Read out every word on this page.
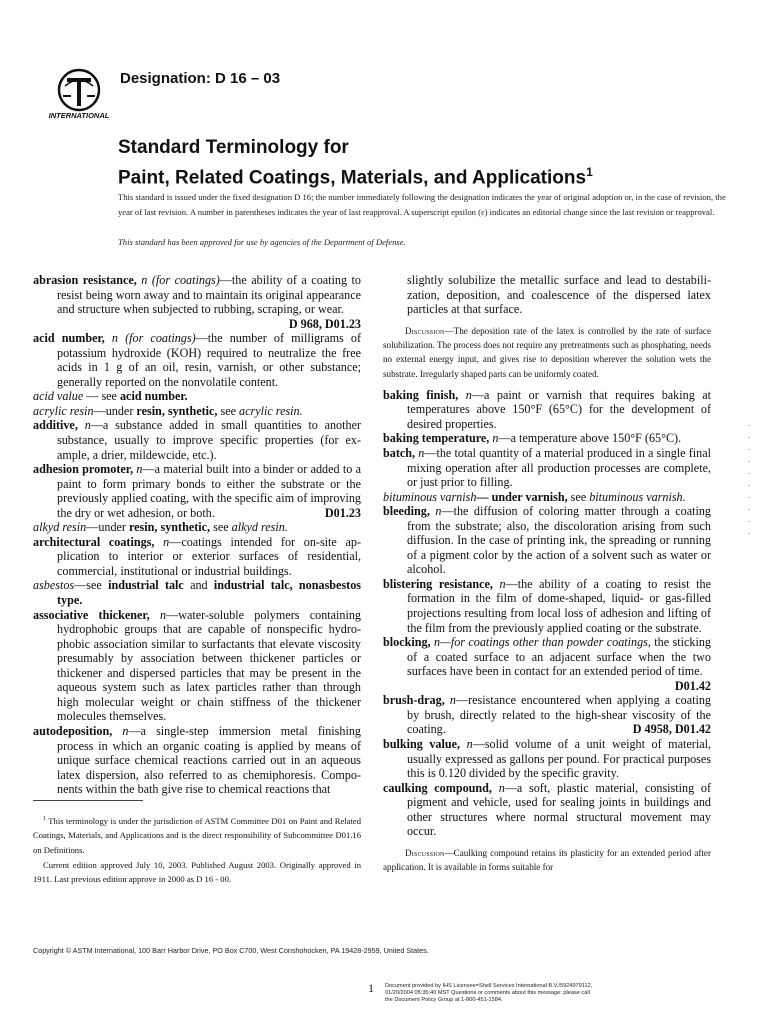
INTERNATIONAL
Designation: D 16 – 03
Standard Terminology for
Paint, Related Coatings, Materials, and Applications$^1$
This standard is issued under the fixed designation D 16; the number immediately following the designation indicates the year of original adoption or, in the case of revision, the year of last revision. A number in parentheses indicates the year of last reapproval. A superscript epsilon (ε) indicates an editorial change since the last revision or reapproval.
This standard has been approved for use by agencies of the Department of Defense.

abrasion resistance, n (for coatings)—the ability of a coating to resist being worn away and to maintain its original appearance and structure when subjected to rubbing, scraping, or wear.
D 968, D01.23

acid number, n (for coatings)—the number of milligrams of potassium hydroxide (KOH) required to neutralize the free acids in 1 g of an oil, resin, varnish, or other substance; generally reported on the nonvolatile content.

acid value — see acid number.

acrylic resin—under resin, synthetic, see acrylic resin.

additive, n—a substance added in small quantities to another substance, usually to improve specific properties (for example, a drier, mildewcide, etc.).

adhesion promoter, n—a material built into a binder or added to a paint to form primary bonds to either the substrate or the previously applied coating, with the specific aim of improving the dry or wet adhesion, or both.	D01.23

alkyd resin—under resin, synthetic, see alkyd resin.

architectural coatings, n—coatings intended for on-site application to interior or exterior surfaces of residential, commercial, institutional or industrial buildings.

asbestos—see industrial talc and industrial talc, nonasbestos type.

associative thickener, n—water-soluble polymers containing hydrophobic groups that are capable of nonspecific hydrophobic association similar to surfactants that elevate viscosity presumably by association between thickener particles or thickener and dispersed particles that may be present in the aqueous system such as latex particles rather than through high molecular weight or chain stiffness of the thickener molecules themselves.

autodeposition, n—a single-step immersion metal finishing process in which an organic coating is applied by means of unique surface chemical reactions carried out in an aqueous latex dispersion, also referred to as chemiphoresis. Components within the bath give rise to chemical reactions that

slightly solubilize the metallic surface and lead to destabilization, deposition, and coalescence of the dispersed latex particles at that surface.

Discussion—The deposition rate of the latex is controlled by the rate of surface solubilization. The process does not require any pretreatments such as phosphating, needs no external energy input, and gives rise to deposition wherever the solution wets the substrate. Irregularly shaped parts can be uniformly coated.

baking finish, n—a paint or varnish that requires baking at temperatures above 150°F (65°C) for the development of desired properties.

baking temperature, n—a temperature above 150°F (65°C).

batch, n—the total quantity of a material produced in a single final mixing operation after all production processes are complete, or just prior to filling.

bituminous varnish— under varnish, see bituminous varnish.

bleeding, n—the diffusion of coloring matter through a coating from the substrate; also, the discoloration arising from such diffusion. In the case of printing ink, the spreading or running of a pigment color by the action of a solvent such as water or alcohol.

blistering resistance, n—the ability of a coating to resist the formation in the film of dome-shaped, liquid- or gas-filled projections resulting from local loss of adhesion and lifting of the film from the previously applied coating or the substrate.

blocking, n—for coatings other than powder coatings, the sticking of a coated surface to an adjacent surface when the two surfaces have been in contact for an extended period of time.
D01.42

brush-drag, n—resistance encountered when applying a coating by brush, directly related to the high-shear viscosity of the coating.	D 4958, D01.42

bulking value, n—solid volume of a unit weight of material, usually expressed as gallons per pound. For practical purposes this is 0.120 divided by the specific gravity.

caulking compound, n—a soft, plastic material, consisting of pigment and vehicle, used for sealing joints in buildings and other structures where normal structural movement may occur.

Discussion—Caulking compound retains its plasticity for an extended period after application. It is available in forms suitable for

$^1$ This terminology is under the jurisdiction of ASTM Committee D01 on Paint and Related Coatings, Materials, and Applications and is the direct responsibility of Subcommittee D01.16 on Definitions.

Current edition approved July 10, 2003. Published August 2003. Originally approved in 1911. Last previous edition approve in 2000 as D 16 - 00.

Copyright © ASTM International, 100 Barr Harbor Drive, PO Box C700, West Conshohocken, PA 19428-2959, United States.
1 Document provided by IHS Licensee=Shell Services International B.V./5924979112,
01/20/2004 05:35:40 MST Questions or comments about this message: please call
the Document Policy Group at 1-800-451-1584.
